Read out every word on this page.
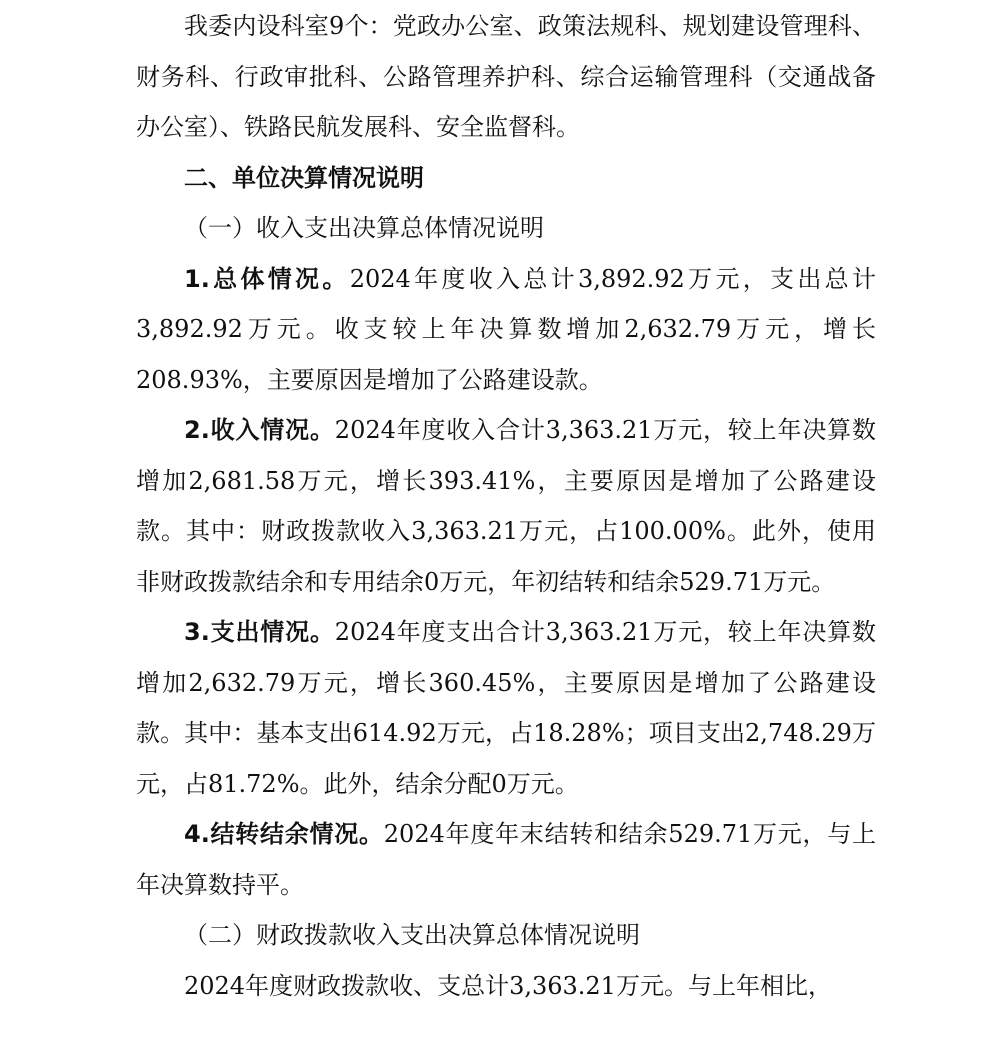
我委内设科室9个：党政办公室、政策法规科、规划建设管理科、财务科、行政审批科、公路管理养护科、综合运输管理科（交通战备办公室）、铁路民航发展科、安全监督科。

二、单位决算情况说明

（一）收入支出决算总体情况说明

1.总体情况。2024年度收入总计3,892.92万元，支出总计3,892.92万元。收支较上年决算数增加2,632.79万元，增长208.93%，主要原因是增加了公路建设款。

2.收入情况。2024年度收入合计3,363.21万元，较上年决算数增加2,681.58万元，增长393.41%，主要原因是增加了公路建设款。其中：财政拨款收入3,363.21万元，占100.00%。此外，使用非财政拨款结余和专用结余0万元，年初结转和结余529.71万元。

3.支出情况。2024年度支出合计3,363.21万元，较上年决算数增加2,632.79万元，增长360.45%，主要原因是增加了公路建设款。其中：基本支出614.92万元，占18.28%；项目支出2,748.29万元，占81.72%。此外，结余分配0万元。

4.结转结余情况。2024年度年末结转和结余529.71万元，与上年决算数持平。

（二）财政拨款收入支出决算总体情况说明

2024年度财政拨款收、支总计3,363.21万元。与上年相比，
